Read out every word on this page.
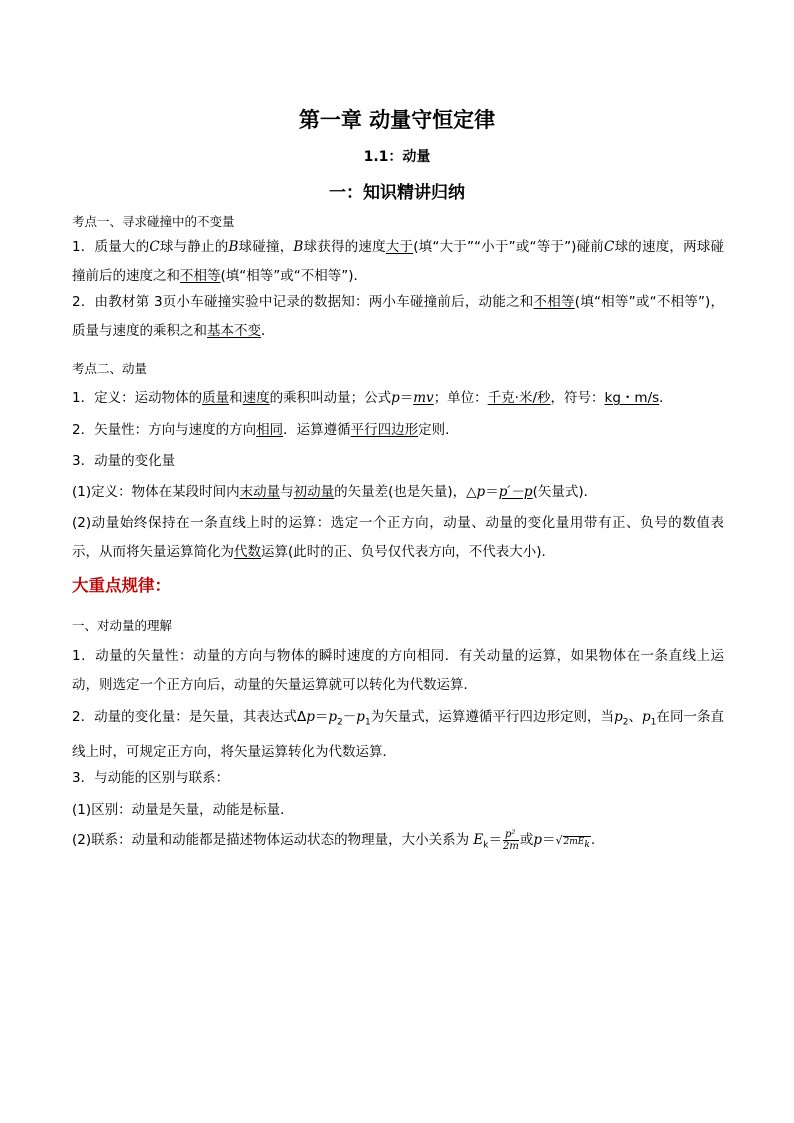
第一章 动量守恒定律
1.1：动量
一：知识精讲归纳
考点一、寻求碰撞中的不变量

1．质量大的C球与静止的B球碰撞，B球获得的速度大于(填“大于”“小于”或“等于”)碰前C球的速度，两球碰撞前后的速度之和不相等(填“相等”或“不相等”)．

2．由教材第 3页小车碰撞实验中记录的数据知：两小车碰撞前后，动能之和不相等(填“相等”或“不相等”)，质量与速度的乘积之和基本不变．

考点二、动量

1．定义：运动物体的质量和速度的乘积叫动量；公式p＝mv；单位：千克·米/秒，符号：kg・m/s．

2．矢量性：方向与速度的方向相同．运算遵循平行四边形定则．

3．动量的变化量

(1)定义：物体在某段时间内末动量与初动量的矢量差(也是矢量)，△p＝p′－p(矢量式)．

(2)动量始终保持在一条直线上时的运算：选定一个正方向，动量、动量的变化量用带有正、负号的数值表示，从而将矢量运算简化为代数运算(此时的正、负号仅代表方向，不代表大小)．

大重点规律：
一、对动量的理解

1．动量的矢量性：动量的方向与物体的瞬时速度的方向相同．有关动量的运算，如果物体在一条直线上运动，则选定一个正方向后，动量的矢量运算就可以转化为代数运算．

2．动量的变化量：是矢量，其表达式$\Delta p=p_2-p_1$为矢量式，运算遵循平行四边形定则，当$p_2$、$p_1$在同一条直线上时，可规定正方向，将矢量运算转化为代数运算．

3．与动能的区别与联系：

(1)区别：动量是矢量，动能是标量．

(2)联系：动量和动能都是描述物体运动状态的物理量，大小关系为 $E_k= \frac{\text{p²}}{2m}$ 或$p=√2mE_k$.
